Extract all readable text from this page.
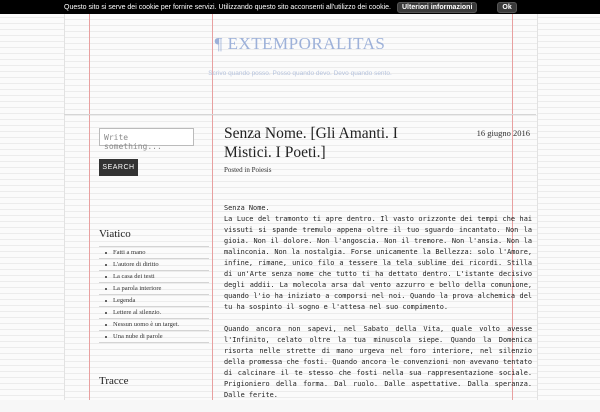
Questo sito si serve dei cookie per fornire servizi. Utilizzando questo sito acconsenti all'utilizzo dei cookie.	Ulteriori informazioni	Ok
¶ EXTEMPORALITAS
Scrivo quando posso. Posso quando devo. Devo quando sento.
Write something...
SEARCH
Viatico
Fatti a mano
L'autore di diritto
La casa dei testi
La parola interiore
Legenda
Lettere al silenzio.
Nessun uomo è un target.
Una nube di parole
Tracce
Senza Nome. [Gli Amanti. I Mistici. I Poeti.]
16 giugno 2016
Posted in Poiesis
Senza Nome.

La Luce del tramonto ti apre dentro. Il vasto orizzonte dei tempi che hai vissuti si spande tremulo appena oltre il tuo sguardo incantato. Non la gioia. Non il dolore. Non l'angoscia. Non il tremore. Non l'ansia. Non la malinconia. Non la nostalgia. Forse unicamente la Bellezza: solo l'Amore, infine, rimane, unico filo a tessere la tela sublime dei ricordi. Stilla di un'Arte senza nome che tutto ti ha dettato dentro. L'istante decisivo degli addii. La molecola arsa dal vento azzurro e bello della comunione, quando l'io ha iniziato a comporsi nel noi. Quando la prova alchemica del tu ha sospinto il sogno e l'attesa nel suo compimento.

Quando ancora non sapevi, nel Sabato della Vita, quale volto avesse l'Infinito, celato oltre la tua minuscola siepe. Quando la Domenica risorta nelle strette di mano urgeva nel foro interiore, nel silenzio della promessa che fosti. Quando ancora le convenzioni non avevano tentato di calcinare il te stesso che fosti nella sua rappresentazione sociale. Prigioniero della forma. Dal ruolo. Dalle aspettative. Dalla speranza. Dalle ferite.
